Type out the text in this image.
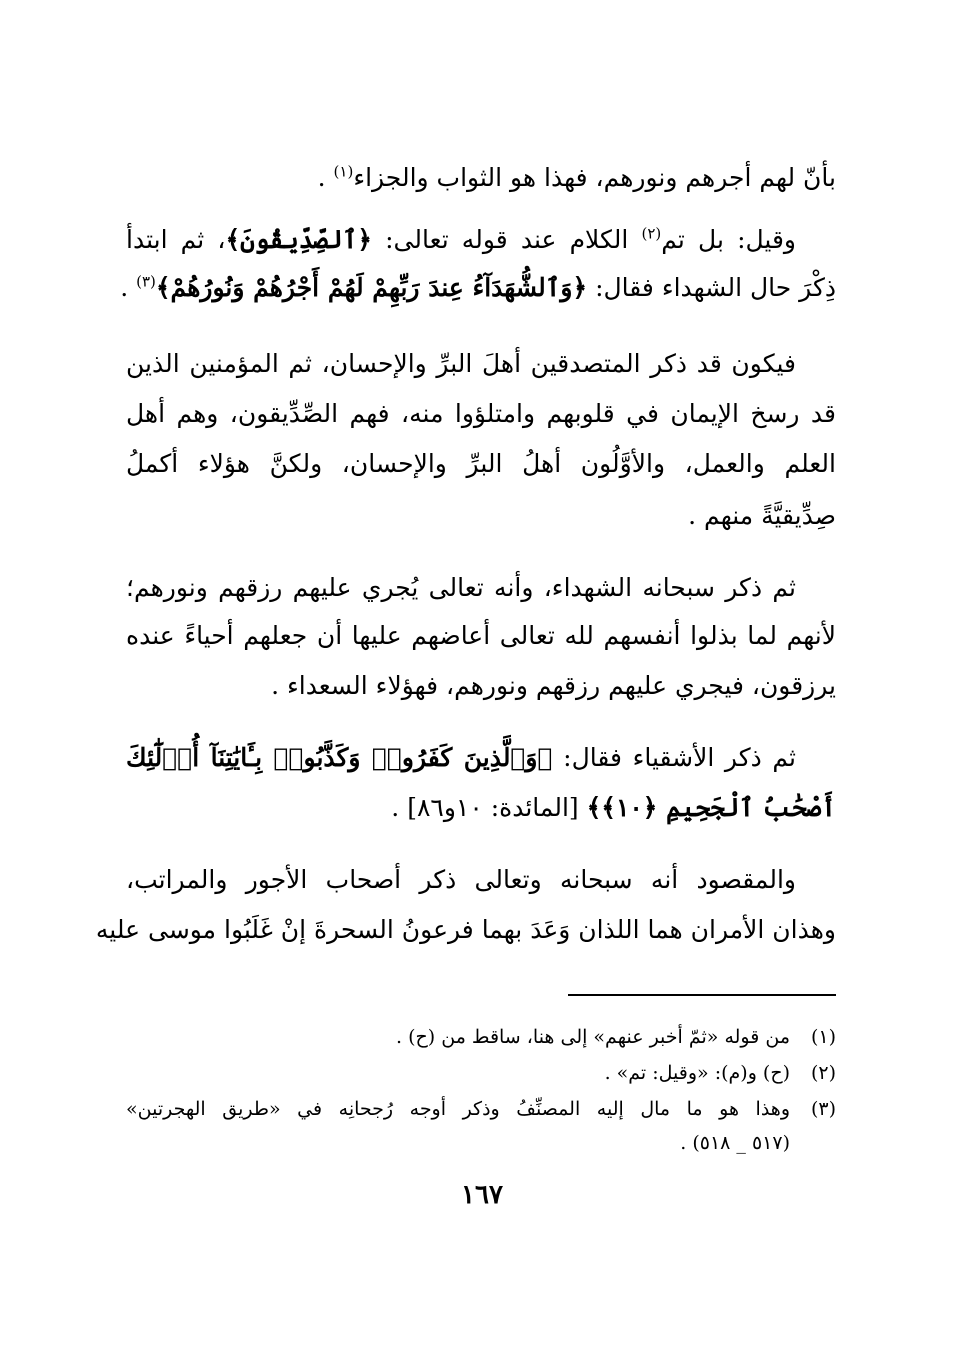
بأنّ لهم أجرهم ونورهم، فهذا هو الثواب والجزاء$^{(١)}$ .
وقيل: بل تم$^{(٢)}$ الكلام عند قوله تعالى: ﴿ٱلصِّدِّيقُونَ﴾، ثم ابتدأ
ذِكْرَ حال الشهداء فقال: ﴿وَٱلشُّهَدَآءُ عِندَ رَبِّهِمْ لَهُمْ أَجْرُهُمْ وَنُورُهُمْ﴾$^{(٣)}$ .
فيكون قد ذكر المتصدقين أهلَ البرِّ والإحسان، ثم المؤمنين الذين
قد رسخ الإيمان في قلوبهم وامتلؤوا منه، فهم الصِّدِّيقون، وهم أهل
العلم والعمل، والأوَّلُون أهلُ البرِّ والإحسان، ولكنَّ هؤلاء أكملُ
صِدِّيقيَّةً منهم .
ثم ذكر سبحانه الشهداء، وأنه تعالى يُجري عليهم رزقهم ونورهم؛
لأنهم لما بذلوا أنفسهم لله تعالى أعاضهم عليها أن جعلهم أحياءً عنده
يرزقون، فيجري عليهم رزقهم ونورهم، فهؤلاء السعداء .
ثم ذكر الأشقياء فقال: ﴿وَٱلَّذِينَ كَفَرُوا۟ وَكَذَّبُوا۟ بِـَٔايَٰتِنَآ أُو۟لَٰٓئِكَ
أَصْحَٰبُ ٱلْجَحِيمِ ﴿١٠﴾﴾ [المائدة: ١٠و٨٦] .
والمقصود أنه سبحانه وتعالى ذكر أصحاب الأجور والمراتب،
وهذان الأمران هما اللذان وَعَدَ بهما فرعونُ السحرةَ إنْ غَلَبُوا موسى عليه
(١)من قوله «ثمّ أخبر عنهم» إلى هنا، ساقط من (ح) .
(٢)(ح) و(م): «وقيل: تم» .
(٣)وهذا هو ما مال إليه المصنِّفُ وذكر أوجه رُجحانِه في «طريق الهجرتين»
(٥١٧ _ ٥١٨) .
١٦٧
